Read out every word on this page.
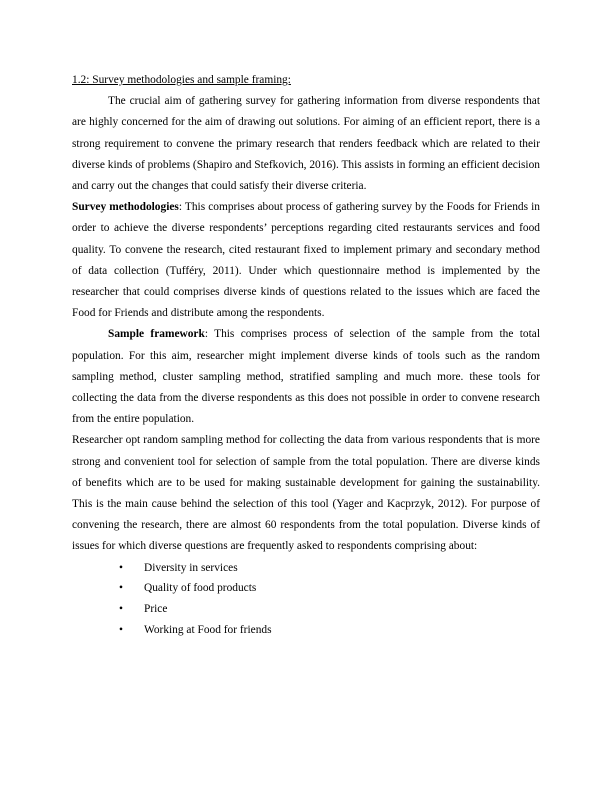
1.2: Survey methodologies and sample framing:

The crucial aim of gathering survey for gathering information from diverse respondents that are highly concerned for the aim of drawing out solutions. For aiming of an efficient report, there is a strong requirement to convene the primary research that renders feedback which are related to their diverse kinds of problems (Shapiro and Stefkovich, 2016). This assists in forming an efficient decision and carry out the changes that could satisfy their diverse criteria.

Survey methodologies: This comprises about process of gathering survey by the Foods for Friends in order to achieve the diverse respondents’ perceptions regarding cited restaurants services and food quality. To convene the research, cited restaurant fixed to implement primary and secondary method of data collection (Tufféry, 2011). Under which questionnaire method is implemented by the researcher that could comprises diverse kinds of questions related to the issues which are faced the Food for Friends and distribute among the respondents.

Sample framework: This comprises process of selection of the sample from the total population. For this aim, researcher might implement diverse kinds of tools such as the random sampling method, cluster sampling method, stratified sampling and much more. these tools for collecting the data from the diverse respondents as this does not possible in order to convene research from the entire population.

Researcher opt random sampling method for collecting the data from various respondents that is more strong and convenient tool for selection of sample from the total population. There are diverse kinds of benefits which are to be used for making sustainable development for gaining the sustainability. This is the main cause behind the selection of this tool (Yager and Kacprzyk, 2012). For purpose of convening the research, there are almost 60 respondents from the total population. Diverse kinds of issues for which diverse questions are frequently asked to respondents comprising about:

• Diversity in services
• Quality of food products
• Price
• Working at Food for friends
